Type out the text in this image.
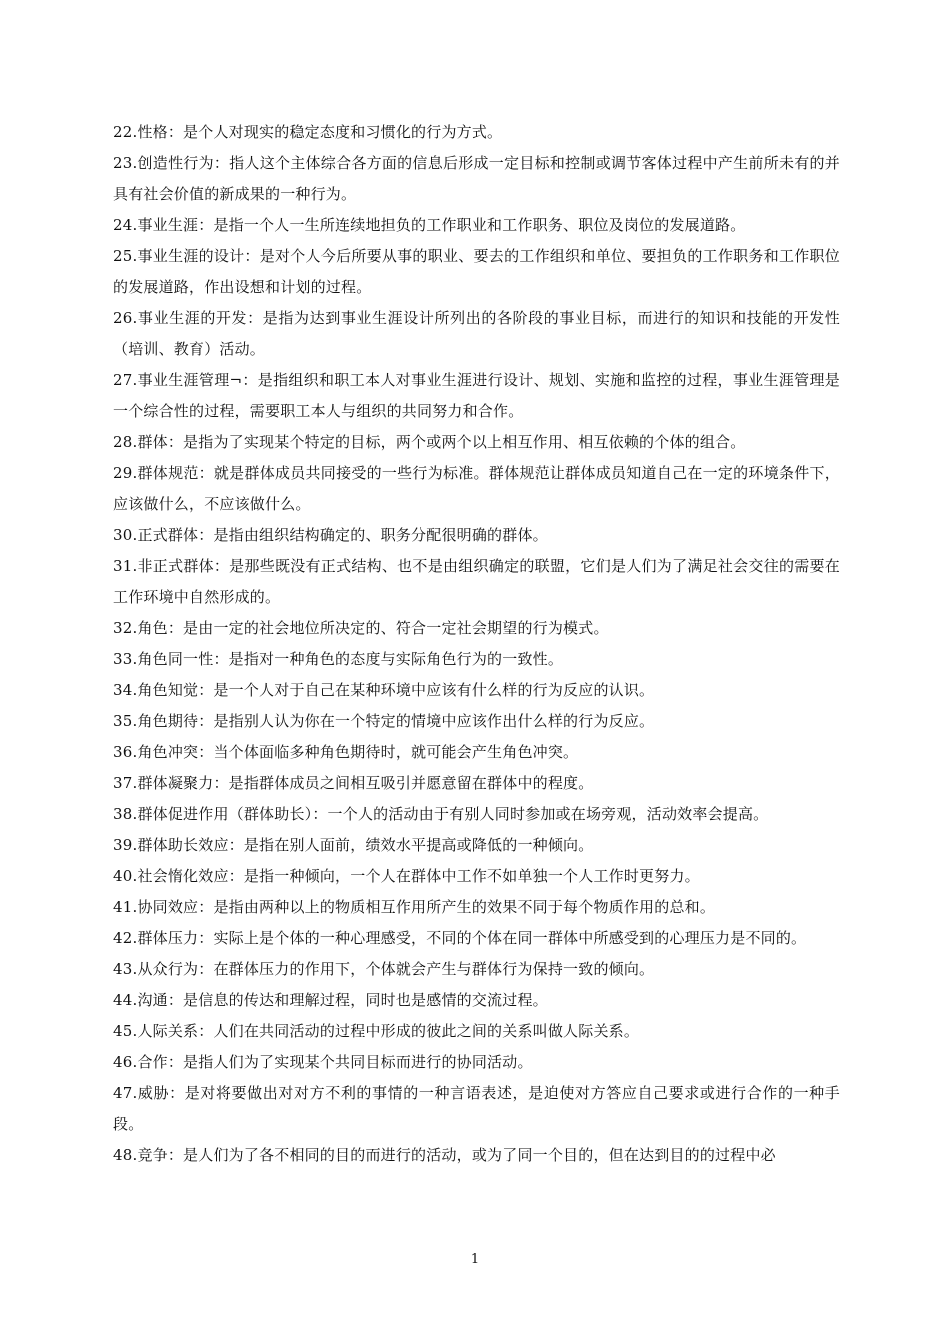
22.性格：是个人对现实的稳定态度和习惯化的行为方式。

23.创造性行为：指人这个主体综合各方面的信息后形成一定目标和控制或调节客体过程中产生前所未有的并具有社会价值的新成果的一种行为。

24.事业生涯：是指一个人一生所连续地担负的工作职业和工作职务、职位及岗位的发展道路。

25.事业生涯的设计：是对个人今后所要从事的职业、要去的工作组织和单位、要担负的工作职务和工作职位的发展道路，作出设想和计划的过程。

26.事业生涯的开发：是指为达到事业生涯设计所列出的各阶段的事业目标，而进行的知识和技能的开发性（培训、教育）活动。

27.事业生涯管理¬：是指组织和职工本人对事业生涯进行设计、规划、实施和监控的过程，事业生涯管理是一个综合性的过程，需要职工本人与组织的共同努力和合作。

28.群体：是指为了实现某个特定的目标，两个或两个以上相互作用、相互依赖的个体的组合。

29.群体规范：就是群体成员共同接受的一些行为标准。群体规范让群体成员知道自己在一定的环境条件下，应该做什么，不应该做什么。

30.正式群体：是指由组织结构确定的、职务分配很明确的群体。

31.非正式群体：是那些既没有正式结构、也不是由组织确定的联盟，它们是人们为了满足社会交往的需要在工作环境中自然形成的。

32.角色：是由一定的社会地位所决定的、符合一定社会期望的行为模式。

33.角色同一性：是指对一种角色的态度与实际角色行为的一致性。

34.角色知觉：是一个人对于自己在某种环境中应该有什么样的行为反应的认识。

35.角色期待：是指别人认为你在一个特定的情境中应该作出什么样的行为反应。

36.角色冲突：当个体面临多种角色期待时，就可能会产生角色冲突。

37.群体凝聚力：是指群体成员之间相互吸引并愿意留在群体中的程度。

38.群体促进作用（群体助长）：一个人的活动由于有别人同时参加或在场旁观，活动效率会提高。

39.群体助长效应：是指在别人面前，绩效水平提高或降低的一种倾向。

40.社会惰化效应：是指一种倾向，一个人在群体中工作不如单独一个人工作时更努力。

41.协同效应：是指由两种以上的物质相互作用所产生的效果不同于每个物质作用的总和。

42.群体压力：实际上是个体的一种心理感受，不同的个体在同一群体中所感受到的心理压力是不同的。

43.从众行为：在群体压力的作用下，个体就会产生与群体行为保持一致的倾向。

44.沟通：是信息的传达和理解过程，同时也是感情的交流过程。

45.人际关系：人们在共同活动的过程中形成的彼此之间的关系叫做人际关系。

46.合作：是指人们为了实现某个共同目标而进行的协同活动。

47.威胁：是对将要做出对对方不利的事情的一种言语表述，是迫使对方答应自己要求或进行合作的一种手段。

48.竞争：是人们为了各不相同的目的而进行的活动，或为了同一个目的，但在达到目的的过程中必

1
